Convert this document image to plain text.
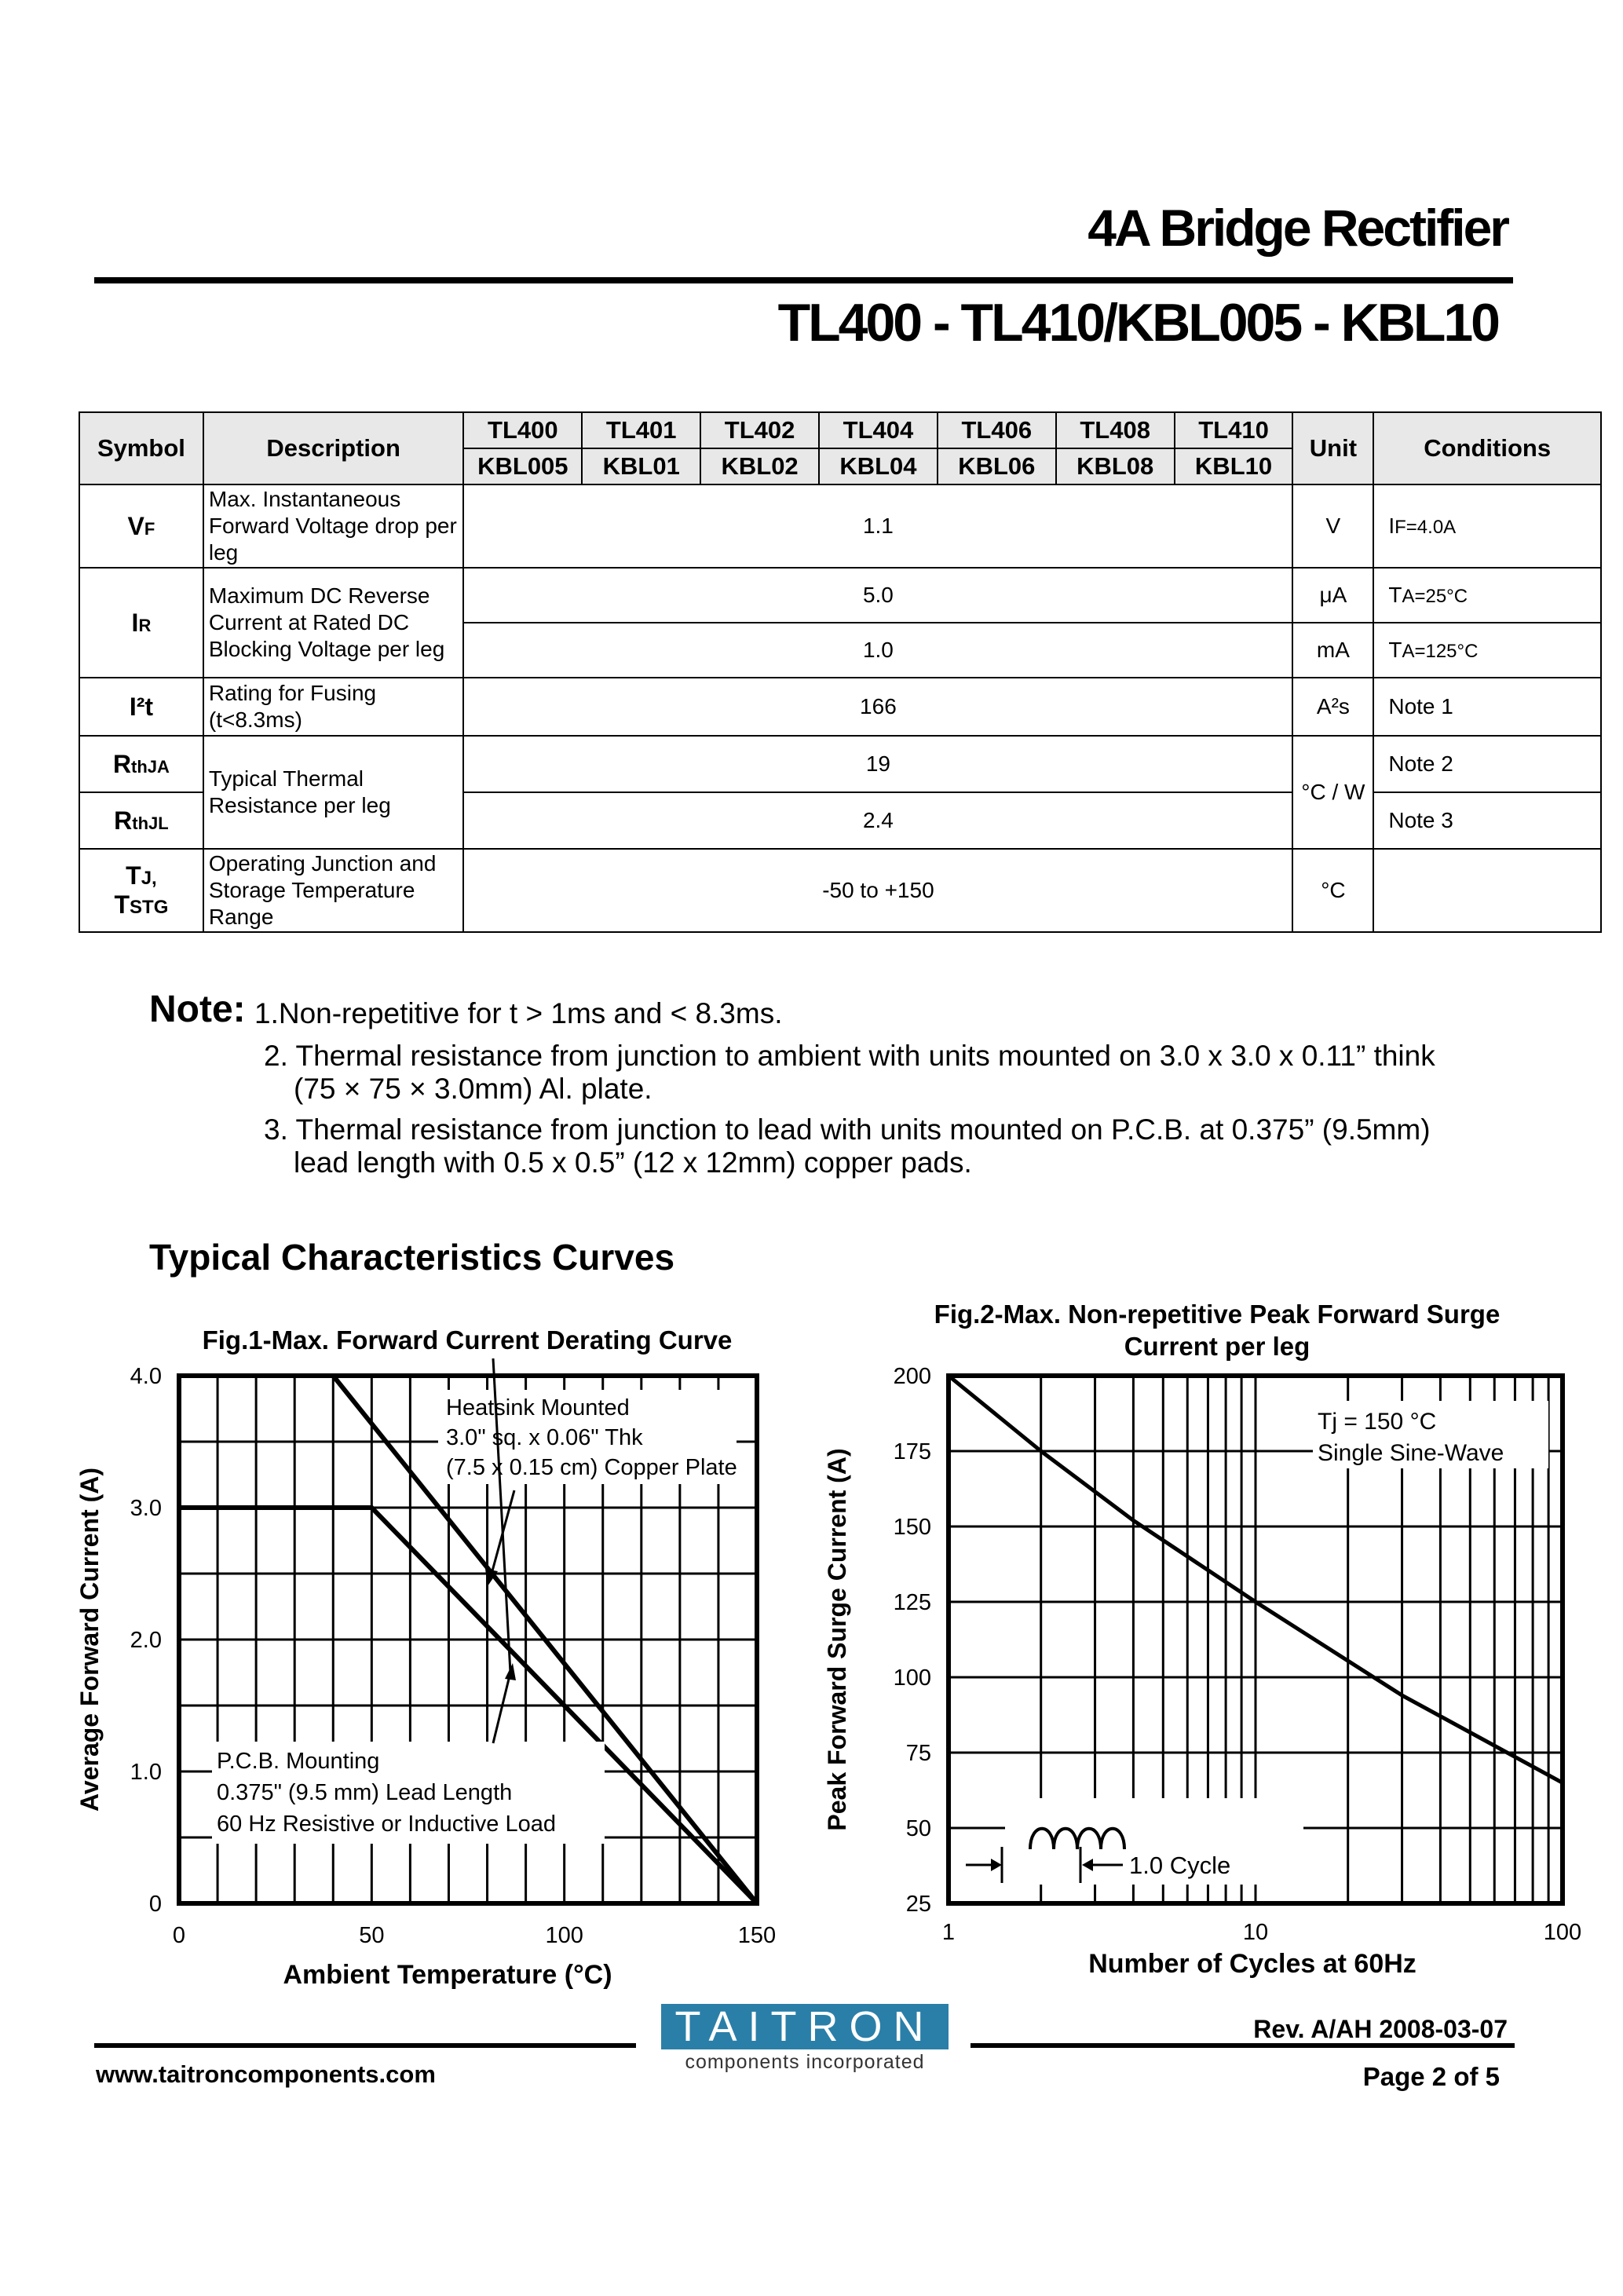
4A Bridge Rectifier
TL400 - TL410/KBL005 - KBL10
Symbol	Description	TL400	TL401	TL402	TL404	TL406	TL408	TL410	Unit	Conditions
		KBL005	KBL01	KBL02	KBL04	KBL06	KBL08	KBL10		
VF	Max. Instantaneous Forward Voltage drop per leg	1.1							V	IF=4.0A
IR	Maximum DC Reverse Current at Rated DC Blocking Voltage per leg	5.0							μA	TA=25°C
		1.0							mA	TA=125°C
I²t	Rating for Fusing (t<8.3ms)	166							A²s	Note 1
RthJA	Typical Thermal Resistance per leg	19							°C / W	Note 2
RthJL		2.4								Note 3
TJ,
TSTG	Operating Junction and Storage Temperature Range	-50 to +150							°C	
Note: 1.Non-repetitive for t > 1ms and < 8.3ms.
2. Thermal resistance from junction to ambient with units mounted on 3.0 x 3.0 x 0.11” think
(75 × 75 × 3.0mm) Al. plate.
3. Thermal resistance from junction to lead with units mounted on P.C.B. at 0.375” (9.5mm)
lead length with 0.5 x 0.5” (12 x 12mm) copper pads.
Typical Characteristics Curves
Fig.1-Max. Forward Current Derating Curve
0	50	100	150
0
1.0
2.0
3.0
4.0
Average Forward Current (A)
Ambient Temperature (°C)
Heatsink Mounted
3.0" sq. x 0.06" Thk
(7.5 x 0.15 cm) Copper Plate
P.C.B. Mounting
0.375" (9.5 mm) Lead Length
60 Hz Resistive or Inductive Load
Fig.2-Max. Non-repetitive Peak Forward Surge
Current per leg
1	10	100
25
50
75
100
125
150
175
200
Peak Forward Surge Current (A)
Number of Cycles at 60Hz
Tj = 150 °C
Single Sine-Wave
1.0 Cycle
Rev. A/AH 2008-03-07
TAITRON
components incorporated
www.taitroncomponents.com	Page 2 of 5
